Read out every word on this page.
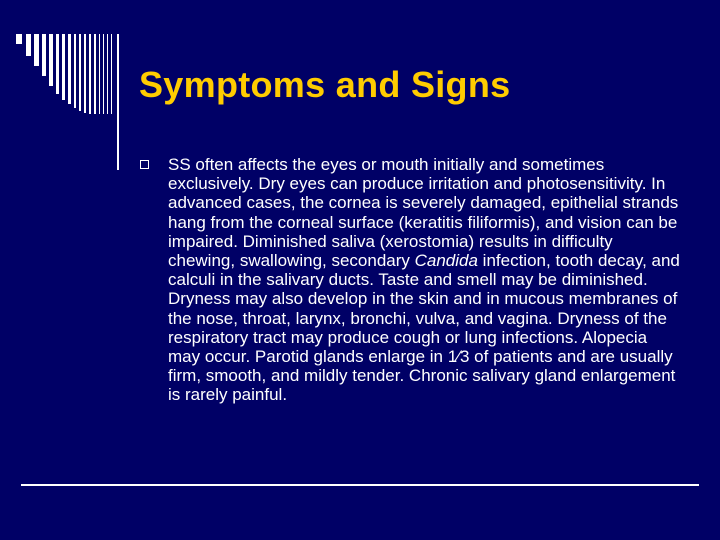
Symptoms and Signs

SS often affects the eyes or mouth initially and sometimes exclusively. Dry eyes can produce irritation and photosensitivity. In advanced cases, the cornea is severely damaged, epithelial strands hang from the corneal surface (keratitis filiformis), and vision can be impaired. Diminished saliva (xerostomia) results in difficulty chewing, swallowing, secondary Candida infection, tooth decay, and calculi in the salivary ducts. Taste and smell may be diminished. Dryness may also develop in the skin and in mucous membranes of the nose, throat, larynx, bronchi, vulva, and vagina. Dryness of the respiratory tract may produce cough or lung infections. Alopecia may occur. Parotid glands enlarge in 1⁄3 of patients and are usually firm, smooth, and mildly tender. Chronic salivary gland enlargement is rarely painful.
